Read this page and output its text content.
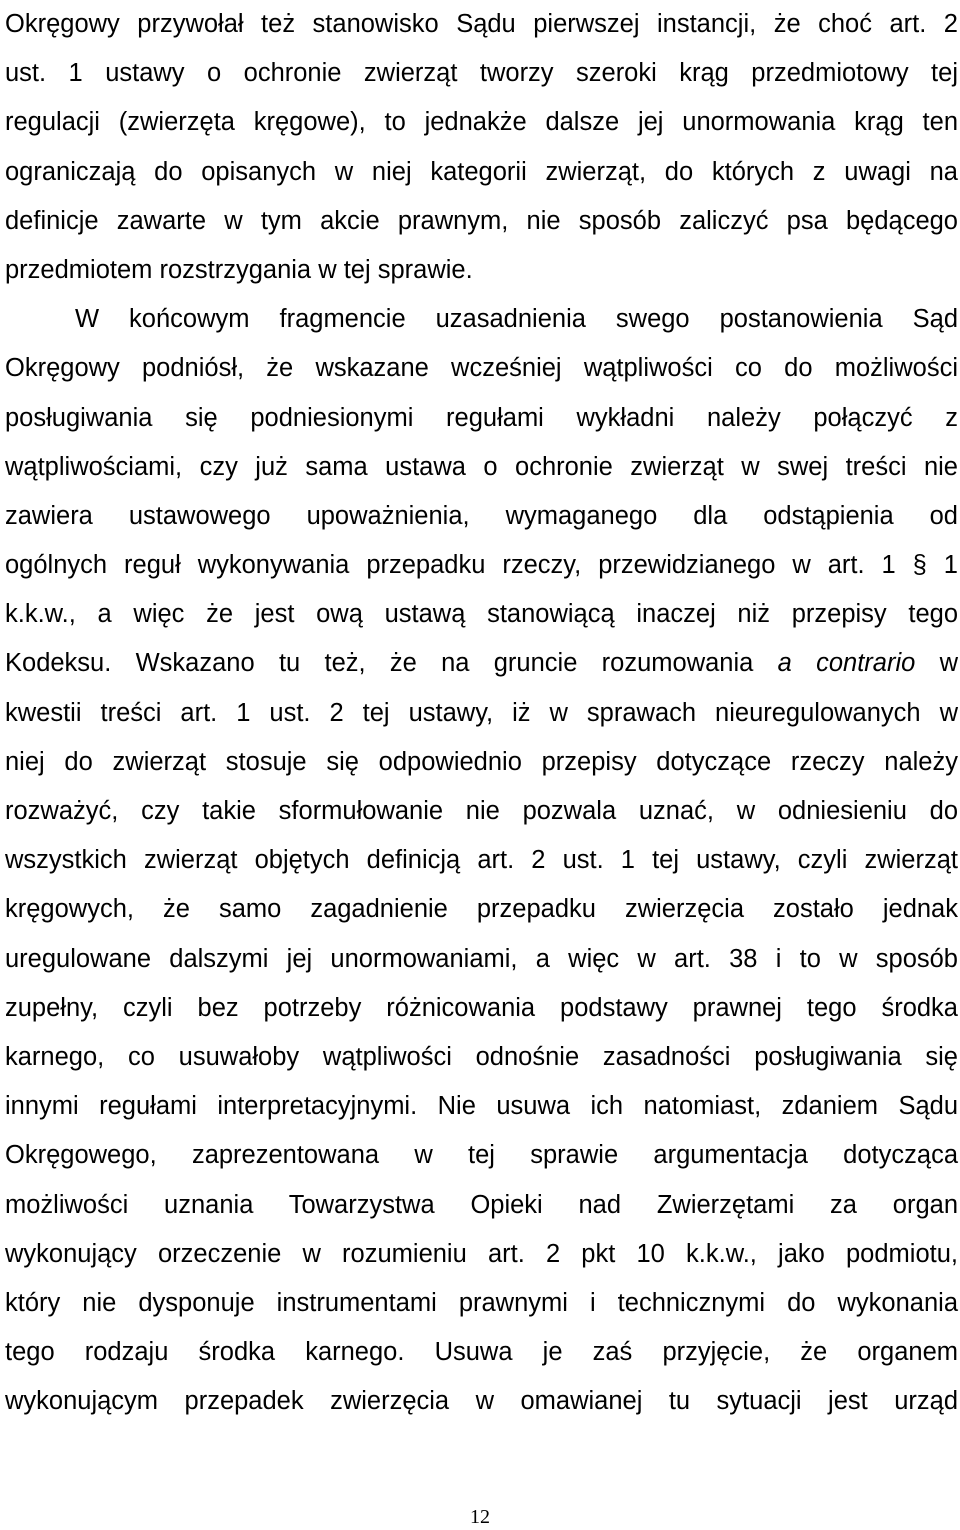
Okręgowy przywołał też stanowisko Sądu pierwszej instancji, że choć art. 2
ust. 1 ustawy o ochronie zwierząt tworzy szeroki krąg przedmiotowy tej
regulacji (zwierzęta kręgowe), to jednakże dalsze jej unormowania krąg ten
ograniczają do opisanych w niej kategorii zwierząt, do których z uwagi na
definicje zawarte w tym akcie prawnym, nie sposób zaliczyć psa będącego
przedmiotem rozstrzygania w tej sprawie.
W końcowym fragmencie uzasadnienia swego postanowienia Sąd
Okręgowy podniósł, że wskazane wcześniej wątpliwości co do możliwości
posługiwania się podniesionymi regułami wykładni należy połączyć z
wątpliwościami, czy już sama ustawa o ochronie zwierząt w swej treści nie
zawiera ustawowego upoważnienia, wymaganego dla odstąpienia od
ogólnych reguł wykonywania przepadku rzeczy, przewidzianego w art. 1 § 1
k.k.w., a więc że jest ową ustawą stanowiącą inaczej niż przepisy tego
Kodeksu. Wskazano tu też, że na gruncie rozumowania a contrario w
kwestii treści art. 1 ust. 2 tej ustawy, iż w sprawach nieuregulowanych w
niej do zwierząt stosuje się odpowiednio przepisy dotyczące rzeczy należy
rozważyć, czy takie sformułowanie nie pozwala uznać, w odniesieniu do
wszystkich zwierząt objętych definicją art. 2 ust. 1 tej ustawy, czyli zwierząt
kręgowych, że samo zagadnienie przepadku zwierzęcia zostało jednak
uregulowane dalszymi jej unormowaniami, a więc w art. 38 i to w sposób
zupełny, czyli bez potrzeby różnicowania podstawy prawnej tego środka
karnego, co usuwałoby wątpliwości odnośnie zasadności posługiwania się
innymi regułami interpretacyjnymi. Nie usuwa ich natomiast, zdaniem Sądu
Okręgowego, zaprezentowana w tej sprawie argumentacja dotycząca
możliwości uznania Towarzystwa Opieki nad Zwierzętami za organ
wykonujący orzeczenie w rozumieniu art. 2 pkt 10 k.k.w., jako podmiotu,
który nie dysponuje instrumentami prawnymi i technicznymi do wykonania
tego rodzaju środka karnego. Usuwa je zaś przyjęcie, że organem
wykonującym przepadek zwierzęcia w omawianej tu sytuacji jest urząd
12
